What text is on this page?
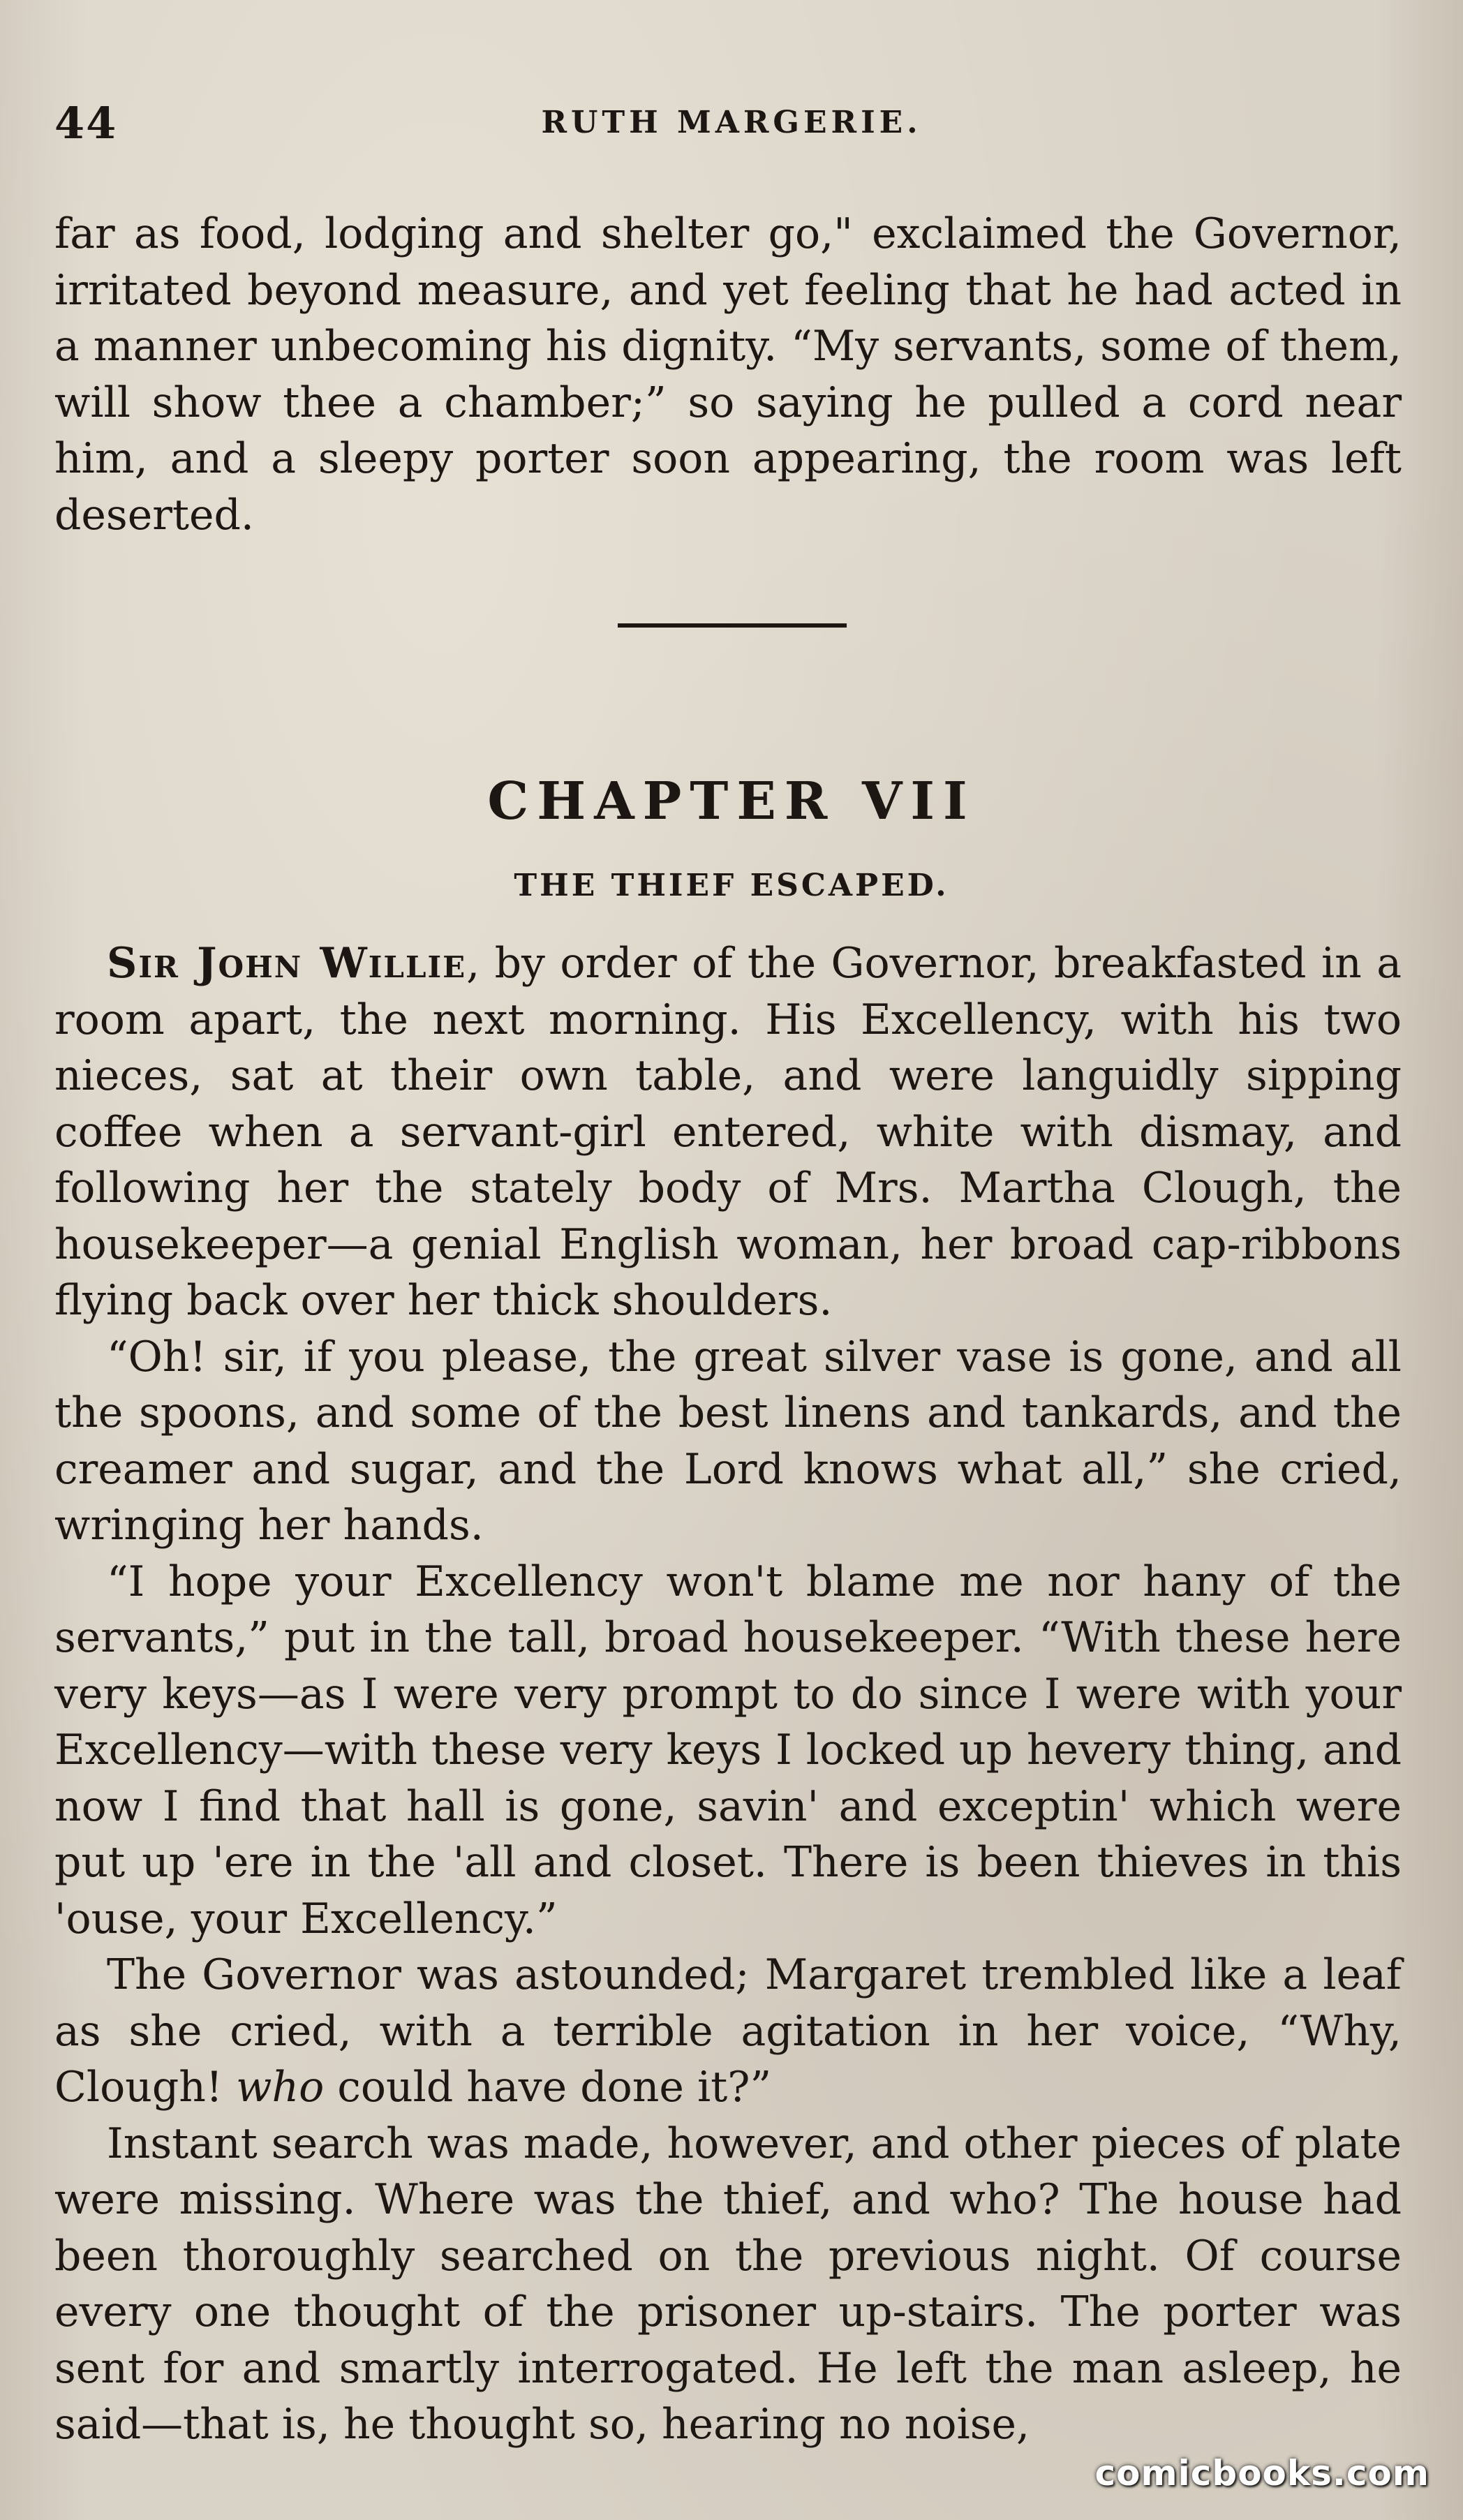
44	RUTH MARGERIE.

far as food, lodging and shelter go," exclaimed the Governor, irritated beyond measure, and yet feeling that he had acted in a manner unbecoming his dignity. “My servants, some of them, will show thee a chamber;” so saying he pulled a cord near him, and a sleepy porter soon appearing, the room was left deserted.

CHAPTER VII
THE THIEF ESCAPED.

Sir John Willie, by order of the Governor, breakfasted in a room apart, the next morning. His Excellency, with his two nieces, sat at their own table, and were languidly sipping coffee when a servant-girl entered, white with dismay, and following her the stately body of Mrs. Martha Clough, the housekeeper—a genial English woman, her broad cap-ribbons flying back over her thick shoulders.

“Oh! sir, if you please, the great silver vase is gone, and all the spoons, and some of the best linens and tankards, and the creamer and sugar, and the Lord knows what all,” she cried, wringing her hands.

“I hope your Excellency won't blame me nor hany of the servants,” put in the tall, broad housekeeper. “With these here very keys—as I were very prompt to do since I were with your Excellency—with these very keys I locked up hevery thing, and now I find that hall is gone, savin' and exceptin' which were put up 'ere in the 'all and closet. There is been thieves in this 'ouse, your Excellency.”

The Governor was astounded; Margaret trembled like a leaf as she cried, with a terrible agitation in her voice, “Why, Clough! who could have done it?”

Instant search was made, however, and other pieces of plate were missing. Where was the thief, and who? The house had been thoroughly searched on the previous night. Of course every one thought of the prisoner up-stairs. The porter was sent for and smartly interrogated. He left the man asleep, he said—that is, he thought so, hearing no noise,

comicbooks.com
